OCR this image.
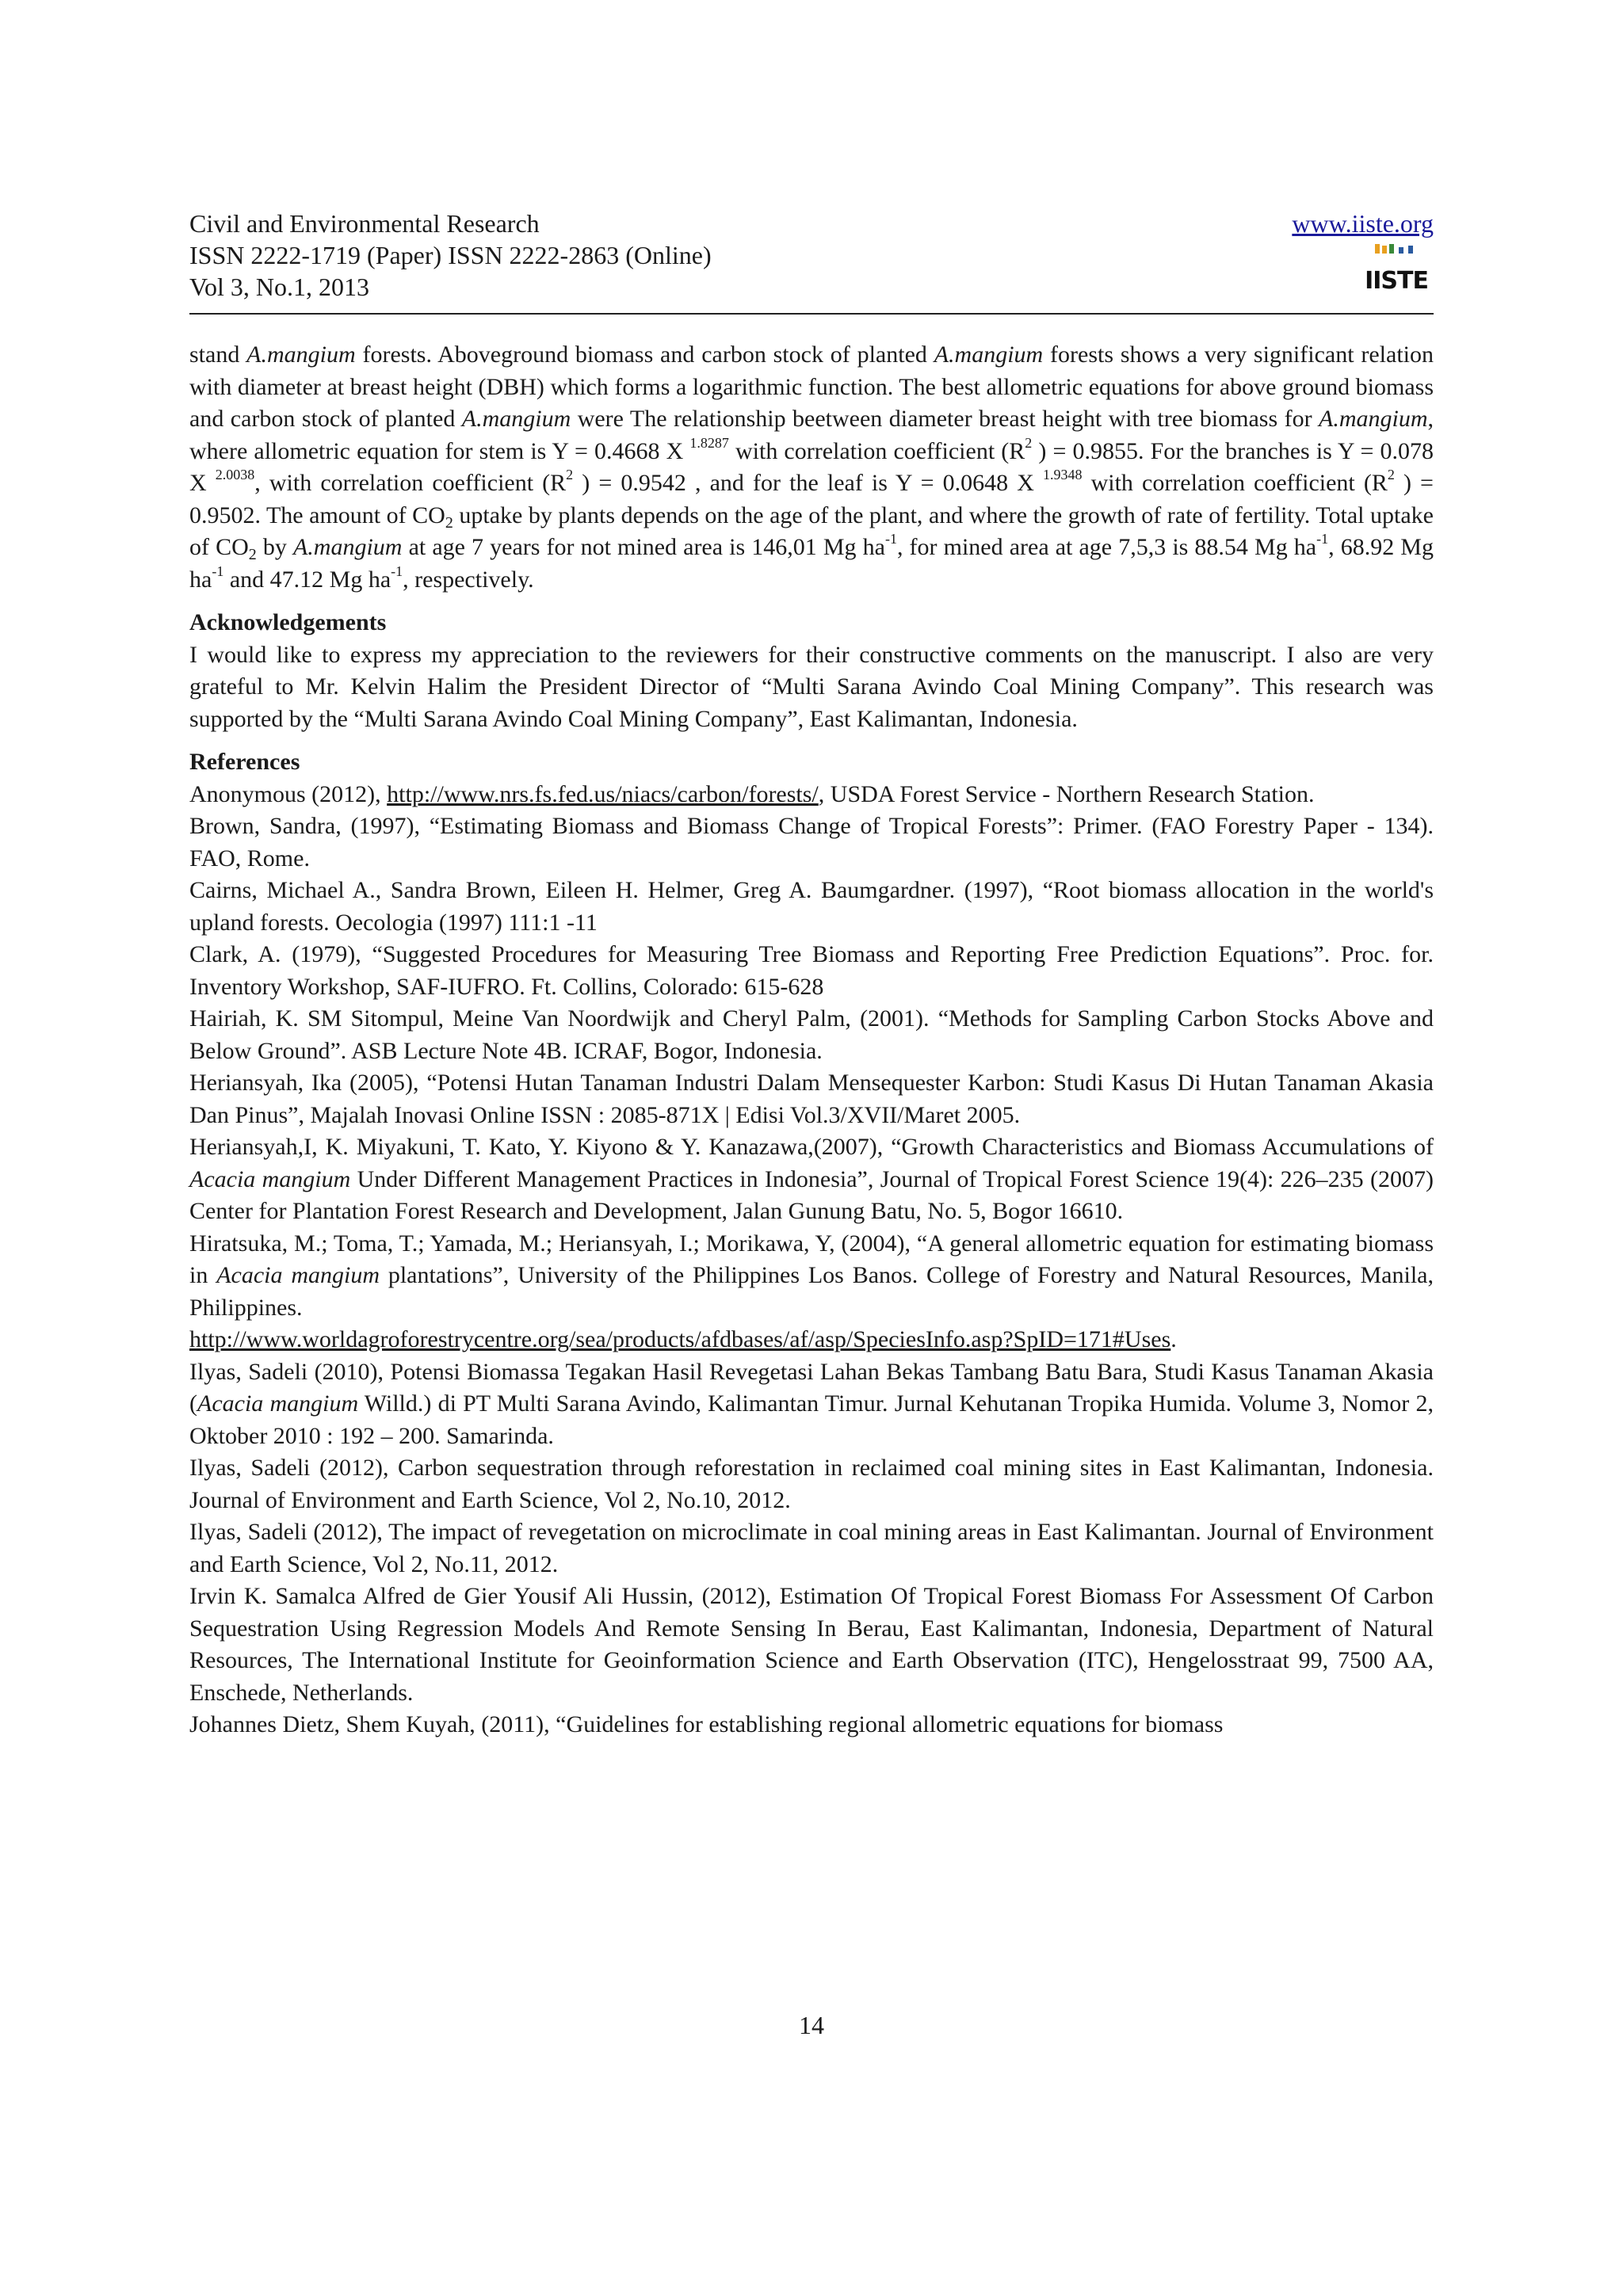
Civil and Environmental Research
ISSN 2222-1719 (Paper) ISSN 2222-2863 (Online)
Vol 3, No.1, 2013
www.iiste.org
IISTE

stand A.mangium forests. Aboveground biomass and carbon stock of planted A.mangium forests shows a very significant relation with diameter at breast height (DBH) which forms a logarithmic function. The best allometric equations for above ground biomass and carbon stock of planted A.mangium were The relationship beetween diameter breast height with tree biomass for A.mangium, where allometric equation for stem is Y = 0.4668 X $^{1.8287}$ with correlation coefficient ($R^2$ ) = 0.9855. For the branches is Y = 0.078 X $^{2.0038}$, with correlation coefficient ($R^2$ ) = 0.9542 , and for the leaf is Y = 0.0648 X $^{1.9348}$ with correlation coefficient ($R^2$ ) = 0.9502. The amount of $CO_2$ uptake by plants depends on the age of the plant, and where the growth of rate of fertility. Total uptake of $CO_2$ by A.mangium at age 7 years for not mined area is 146,01 Mg $ha^{-1}$, for mined area at age 7,5,3 is 88.54 Mg $ha^{-1}$, 68.92 Mg $ha^{-1}$ and 47.12 Mg $ha^{-1}$, respectively.

Acknowledgements

I would like to express my appreciation to the reviewers for their constructive comments on the manuscript. I also are very grateful to Mr. Kelvin Halim the President Director of “Multi Sarana Avindo Coal Mining Company”. This research was supported by the “Multi Sarana Avindo Coal Mining Company”, East Kalimantan, Indonesia.

References

Anonymous (2012), http://www.nrs.fs.fed.us/niacs/carbon/forests/, USDA Forest Service - Northern Research Station.

Brown, Sandra, (1997), “Estimating Biomass and Biomass Change of Tropical Forests”: Primer. (FAO Forestry Paper - 134). FAO, Rome.

Cairns, Michael A., Sandra Brown, Eileen H. Helmer, Greg A. Baumgardner. (1997), “Root biomass allocation in the world's upland forests. Oecologia (1997) 111:1 -11

Clark, A. (1979), “Suggested Procedures for Measuring Tree Biomass and Reporting Free Prediction Equations”. Proc. for. Inventory Workshop, SAF-IUFRO. Ft. Collins, Colorado: 615-628

Hairiah, K. SM Sitompul, Meine Van Noordwijk and Cheryl Palm, (2001). “Methods for Sampling Carbon Stocks Above and Below Ground”. ASB Lecture Note 4B. ICRAF, Bogor, Indonesia.

Heriansyah, Ika (2005), “Potensi Hutan Tanaman Industri Dalam Mensequester Karbon: Studi Kasus Di Hutan Tanaman Akasia Dan Pinus”, Majalah Inovasi Online ISSN : 2085-871X | Edisi Vol.3/XVII/Maret 2005.

Heriansyah,I, K. Miyakuni, T. Kato, Y. Kiyono & Y. Kanazawa,(2007), “Growth Characteristics and Biomass Accumulations of Acacia mangium Under Different Management Practices in Indonesia”, Journal of Tropical Forest Science 19(4): 226–235 (2007) Center for Plantation Forest Research and Development, Jalan Gunung Batu, No. 5, Bogor 16610.

Hiratsuka, M.; Toma, T.; Yamada, M.; Heriansyah, I.; Morikawa, Y, (2004), “A general allometric equation for estimating biomass in Acacia mangium plantations”, University of the Philippines Los Banos. College of Forestry and Natural Resources, Manila, Philippines.

http://www.worldagroforestrycentre.org/sea/products/afdbases/af/asp/SpeciesInfo.asp?SpID=171#Uses.

Ilyas, Sadeli (2010), Potensi Biomassa Tegakan Hasil Revegetasi Lahan Bekas Tambang Batu Bara, Studi Kasus Tanaman Akasia (Acacia mangium Willd.) di PT Multi Sarana Avindo, Kalimantan Timur. Jurnal Kehutanan Tropika Humida. Volume 3, Nomor 2, Oktober 2010 : 192 – 200. Samarinda.

Ilyas, Sadeli (2012), Carbon sequestration through reforestation in reclaimed coal mining sites in East Kalimantan, Indonesia. Journal of Environment and Earth Science, Vol 2, No.10, 2012.

Ilyas, Sadeli (2012), The impact of revegetation on microclimate in coal mining areas in East Kalimantan. Journal of Environment and Earth Science, Vol 2, No.11, 2012.

Irvin K. Samalca Alfred de Gier Yousif Ali Hussin, (2012), Estimation Of Tropical Forest Biomass For Assessment Of Carbon Sequestration Using Regression Models And Remote Sensing In Berau, East Kalimantan, Indonesia, Department of Natural Resources, The International Institute for Geoinformation Science and Earth Observation (ITC), Hengelosstraat 99, 7500 AA, Enschede, Netherlands.

Johannes Dietz, Shem Kuyah, (2011), “Guidelines for establishing regional allometric equations for biomass

14
